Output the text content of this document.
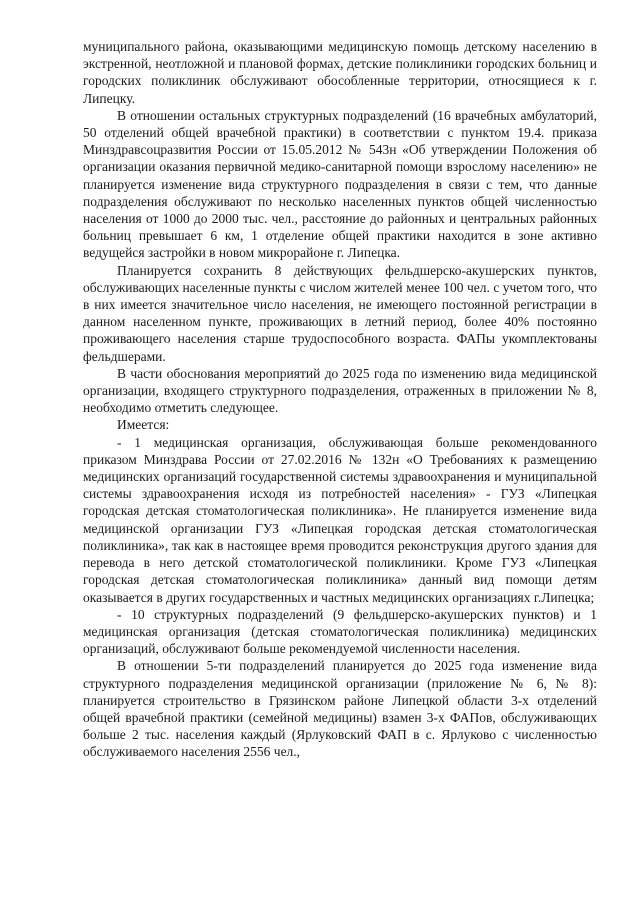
муниципального района, оказывающими медицинскую помощь детскому населению в экстренной, неотложной и плановой формах, детские поликлиники городских больниц и городских поликлиник обслуживают обособленные территории, относящиеся к г. Липецку.

В отношении остальных структурных подразделений (16 врачебных амбулаторий, 50 отделений общей врачебной практики) в соответствии с пунктом 19.4. приказа Минздравсоцразвития России от 15.05.2012 № 543н «Об утверждении Положения об организации оказания первичной медико-санитарной помощи взрослому населению» не планируется изменение вида структурного подразделения в связи с тем, что данные подразделения обслуживают по несколько населенных пунктов общей численностью населения от 1000 до 2000 тыс. чел., расстояние до районных и центральных районных больниц превышает 6 км, 1 отделение общей практики находится в зоне активно ведущейся застройки в новом микрорайоне г. Липецка.

Планируется сохранить 8 действующих фельдшерско-акушерских пунктов, обслуживающих населенные пункты с числом жителей менее 100 чел. с учетом того, что в них имеется значительное число населения, не имеющего постоянной регистрации в данном населенном пункте, проживающих в летний период, более 40% постоянно проживающего населения старше трудоспособного возраста. ФАПы укомплектованы фельдшерами.

В части обоснования мероприятий до 2025 года по изменению вида медицинской организации, входящего структурного подразделения, отраженных в приложении № 8, необходимо отметить следующее.

Имеется:

- 1 медицинская организация, обслуживающая больше рекомендованного приказом Минздрава России от 27.02.2016 № 132н «О Требованиях к размещению медицинских организаций государственной системы здравоохранения и муниципальной системы здравоохранения исходя из потребностей населения» - ГУЗ «Липецкая городская детская стоматологическая поликлиника». Не планируется изменение вида медицинской организации ГУЗ «Липецкая городская детская стоматологическая поликлиника», так как в настоящее время проводится реконструкция другого здания для перевода в него детской стоматологической поликлиники. Кроме ГУЗ «Липецкая городская детская стоматологическая поликлиника» данный вид помощи детям оказывается в других государственных и частных медицинских организациях г.Липецка;

- 10 структурных подразделений (9 фельдшерско-акушерских пунктов) и 1 медицинская организация (детская стоматологическая поликлиника) медицинских организаций, обслуживают больше рекомендуемой численности населения.

В отношении 5-ти подразделений планируется до 2025 года изменение вида структурного подразделения медицинской организации (приложение № 6, № 8): планируется строительство в Грязинском районе Липецкой области 3-х отделений общей врачебной практики (семейной медицины) взамен 3-х ФАПов, обслуживающих больше 2 тыс. населения каждый (Ярлуковский ФАП в с. Ярлуково с численностью обслуживаемого населения 2556 чел.,
